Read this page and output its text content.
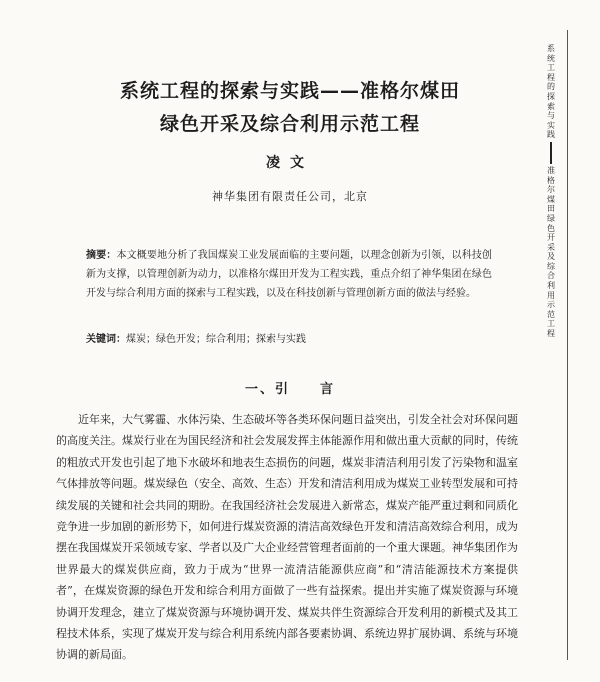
系统工程的探索与实践——准格尔煤田
绿色开采及综合利用示范工程
凌文
神华集团有限责任公司，北京
摘要：本文概要地分析了我国煤炭工业发展面临的主要问题，以理念创新为引领，以科技创新为支撑，以管理创新为动力，以准格尔煤田开发为工程实践，重点介绍了神华集团在绿色开发与综合利用方面的探索与工程实践，以及在科技创新与管理创新方面的做法与经验。
关键词：煤炭；绿色开发；综合利用；探索与实践
一、引　　言

近年来，大气雾霾、水体污染、生态破坏等各类环保问题日益突出，引发全社会对环保问题的高度关注。煤炭行业在为国民经济和社会发展发挥主体能源作用和做出重大贡献的同时，传统的粗放式开发也引起了地下水破坏和地表生态损伤的问题，煤炭非清洁利用引发了污染物和温室气体排放等问题。煤炭绿色（安全、高效、生态）开发和清洁利用成为煤炭工业转型发展和可持续发展的关键和社会共同的期盼。在我国经济社会发展进入新常态，煤炭产能严重过剩和同质化竞争进一步加剧的新形势下，如何进行煤炭资源的清洁高效绿色开发和清洁高效综合利用，成为摆在我国煤炭开采领域专家、学者以及广大企业经营管理者面前的一个重大课题。神华集团作为世界最大的煤炭供应商，致力于成为“世界一流清洁能源供应商”和“清洁能源技术方案提供者”，在煤炭资源的绿色开发和综合利用方面做了一些有益探索。提出并实施了煤炭资源与环境协调开发理念，建立了煤炭资源与环境协调开发、煤炭共伴生资源综合开发利用的新模式及其工程技术体系，实现了煤炭开发与综合利用系统内部各要素协调、系统边界扩展协调、系统与环境协调的新局面。

系统工程的探索与实践
准格尔煤田绿色开采及综合利用示范工程
